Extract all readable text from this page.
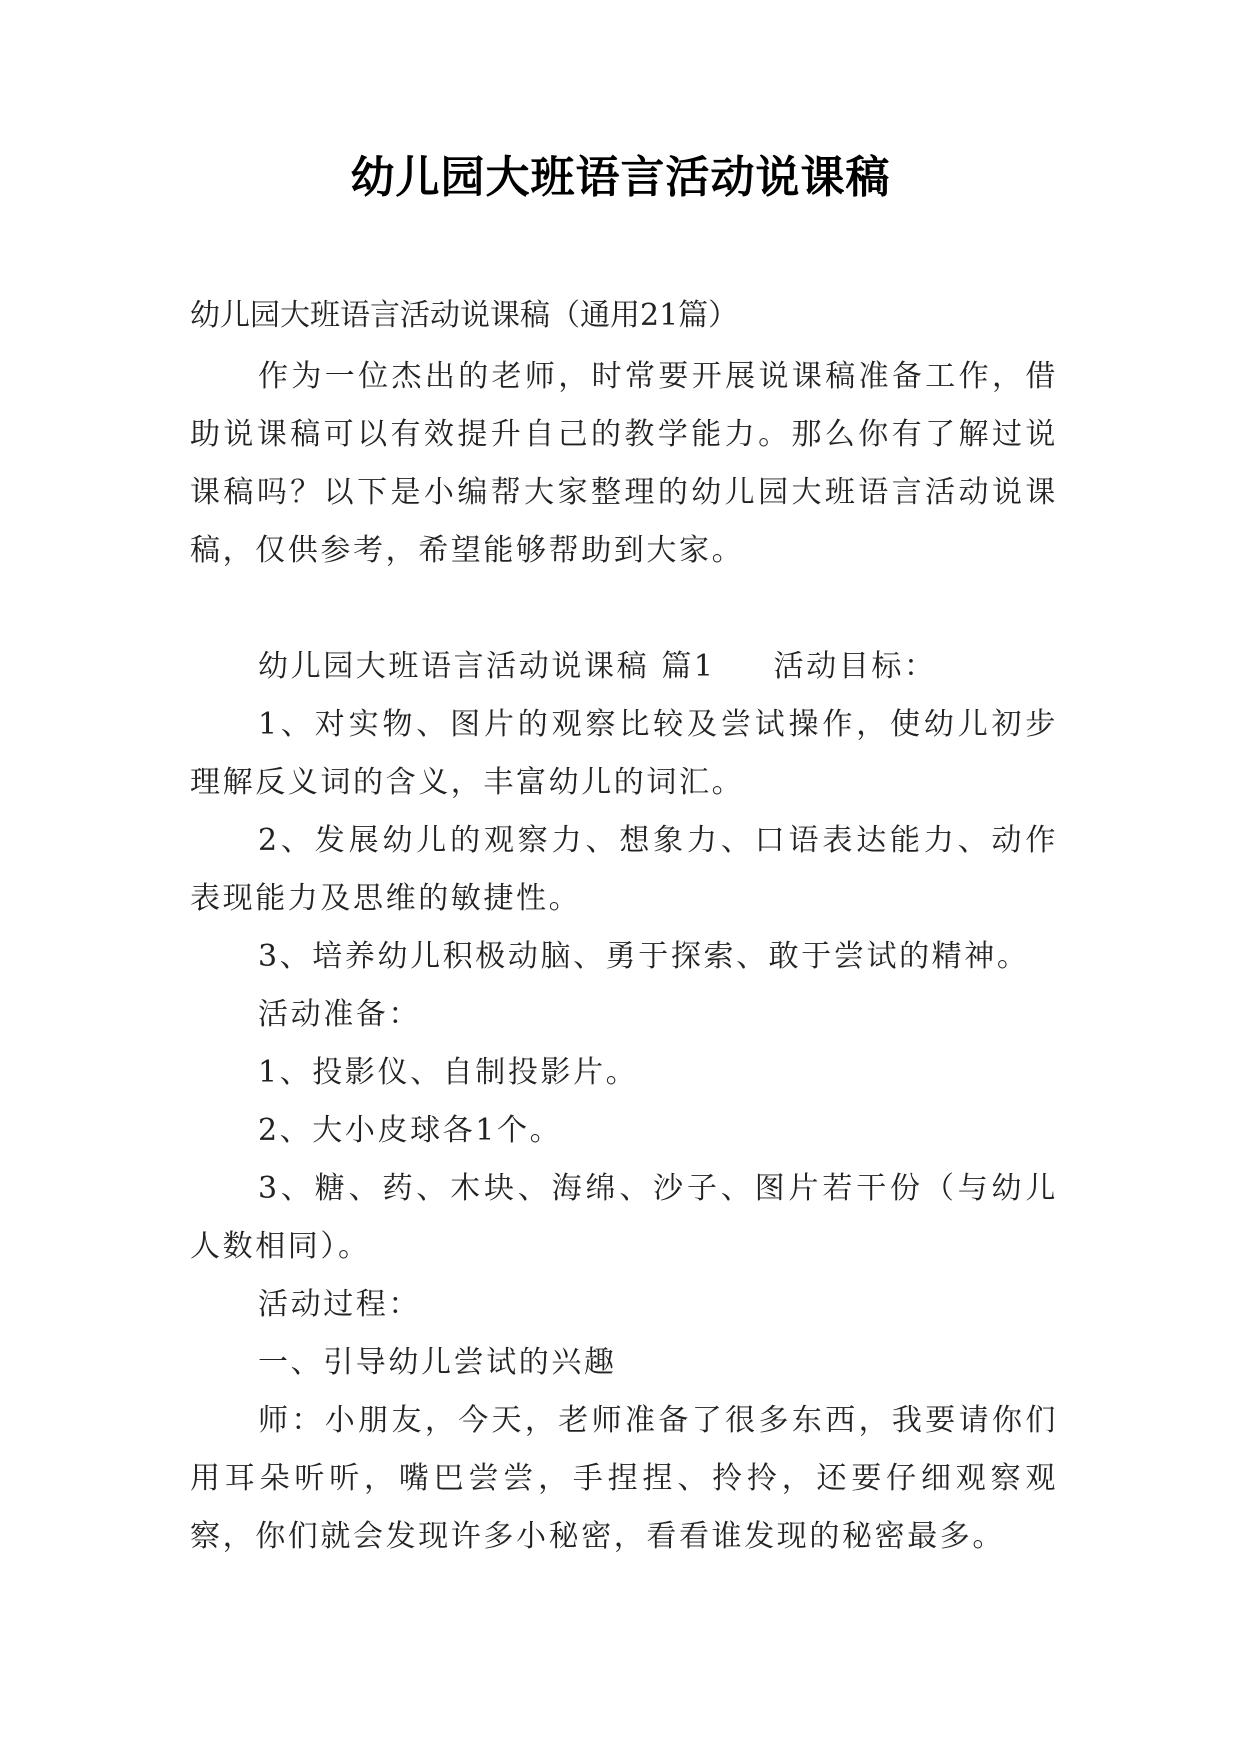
幼儿园大班语言活动说课稿
幼儿园大班语言活动说课稿（通用21篇）

作为一位杰出的老师，时常要开展说课稿准备工作，借助说课稿可以有效提升自己的教学能力。那么你有了解过说课稿吗？以下是小编帮大家整理的幼儿园大班语言活动说课稿，仅供参考，希望能够帮助到大家。

幼儿园大班语言活动说课稿 篇1 活动目标：

1、对实物、图片的观察比较及尝试操作，使幼儿初步理解反义词的含义，丰富幼儿的词汇。

2、发展幼儿的观察力、想象力、口语表达能力、动作表现能力及思维的敏捷性。

3、培养幼儿积极动脑、勇于探索、敢于尝试的精神。

活动准备：

1、投影仪、自制投影片。

2、大小皮球各1个。

3、糖、药、木块、海绵、沙子、图片若干份（与幼儿人数相同）。

活动过程：

一、引导幼儿尝试的兴趣

师：小朋友，今天，老师准备了很多东西，我要请你们用耳朵听听，嘴巴尝尝，手捏捏、拎拎，还要仔细观察观察，你们就会发现许多小秘密，看看谁发现的秘密最多。
